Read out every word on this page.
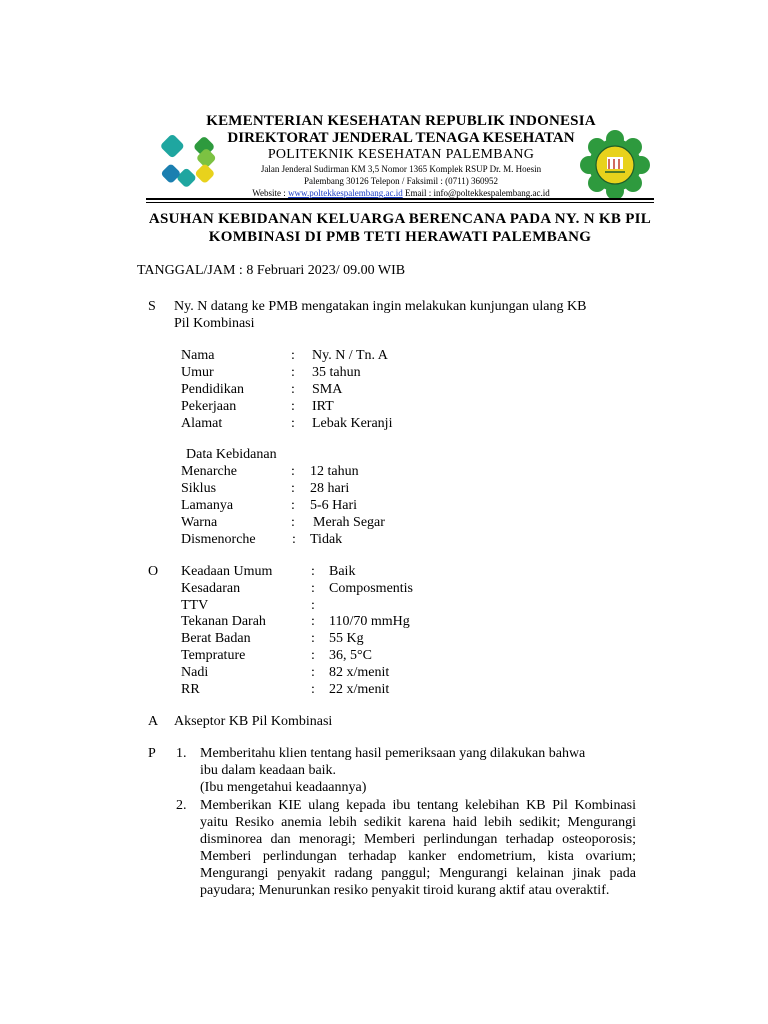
KEMENTERIAN KESEHATAN REPUBLIK INDONESIA
DIREKTORAT JENDERAL TENAGA KESEHATAN
POLITEKNIK KESEHATAN PALEMBANG
Jalan Jenderal Sudirman KM 3,5 Nomor 1365 Komplek RSUP Dr. M. Hoesin
Palembang 30126 Telepon / Faksimil : (0711) 360952
Website : www.poltekkespalembang.ac.id Email : info@poltekkespalembang.ac.id
ASUHAN KEBIDANAN KELUARGA BERENCANA PADA NY. N KB PIL
KOMBINASI DI PMB TETI HERAWATI PALEMBANG
TANGGAL/JAM : 8 Februari 2023/ 09.00 WIB
S Ny. N datang ke PMB mengatakan ingin melakukan kunjungan ulang KB
Pil Kombinasi
Nama	: Ny. N / Tn. A
Umur	: 35 tahun
Pendidikan	: SMA
Pekerjaan	: IRT
Alamat	: Lebak Keranji
Data Kebidanan
Menarche	: 12 tahun
Siklus	: 28 hari
Lamanya	: 5-6 Hari
Warna	: Merah Segar
Dismenorche	: Tidak
O Keadaan Umum	: Baik
Kesadaran	: Composmentis
TTV	:
Tekanan Darah	: 110/70 mmHg
Berat Badan	: 55 Kg
Temprature	: 36, 5°C
Nadi	: 82 x/menit
RR	: 22 x/menit
A Akseptor KB Pil Kombinasi
P 1. Memberitahu klien tentang hasil pemeriksaan yang dilakukan bahwa
ibu dalam keadaan baik.
(Ibu mengetahui keadaannya)
2. Memberikan KIE ulang kepada ibu tentang kelebihan KB Pil Kombinasi yaitu Resiko anemia lebih sedikit karena haid lebih sedikit; Mengurangi disminorea dan menoragi; Memberi perlindungan terhadap osteoporosis; Memberi perlindungan terhadap kanker endometrium, kista ovarium; Mengurangi penyakit radang panggul; Mengurangi kelainan jinak pada payudara; Menurunkan resiko penyakit tiroid kurang aktif atau overaktif.
